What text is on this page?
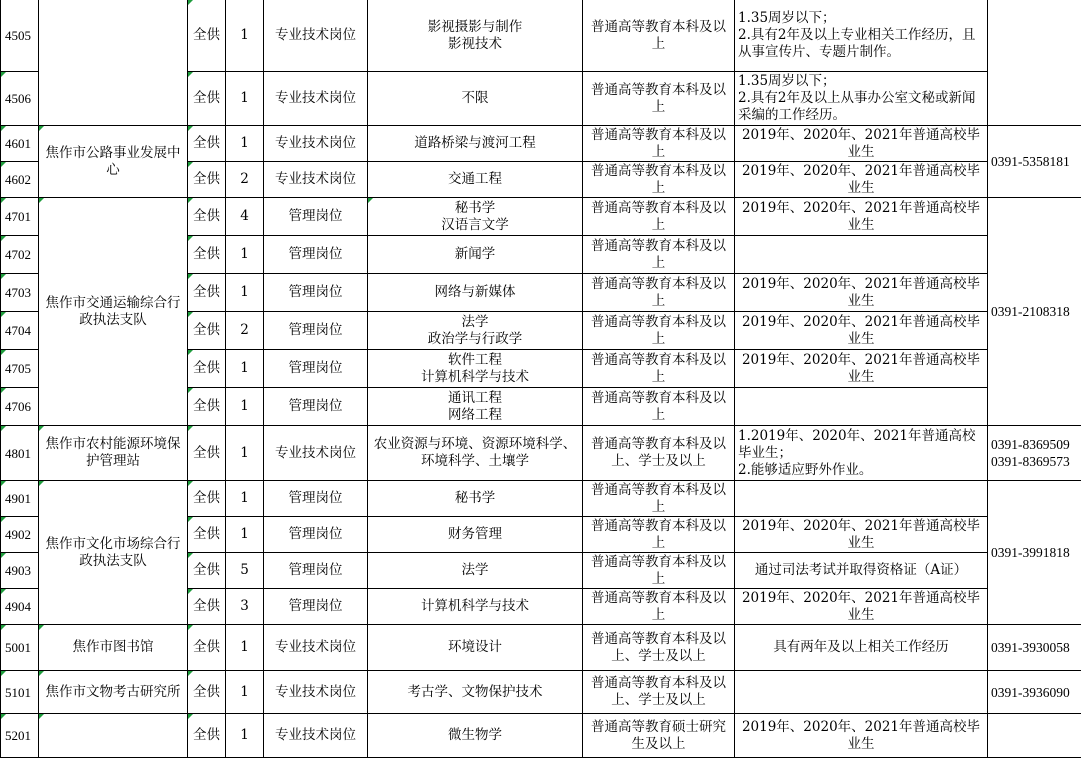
4505		全供	1	专业技术岗位	影视摄影与制作
影视技术	普通高等教育本科及以上	1.35周岁以下；
2.具有2年及以上专业相关工作经历，且从事宣传片、专题片制作。	

4506		全供	1	专业技术岗位	不限	普通高等教育本科及以上	1.35周岁以下；
2.具有2年及以上从事办公室文秘或新闻采编的工作经历。	

4601	焦作市公路事业发展中心	全供	1	专业技术岗位	道路桥梁与渡河工程	普通高等教育本科及以上	2019年、2020年、2021年普通高校毕业生	0391-5358181
4602		全供	2	专业技术岗位	交通工程	普通高等教育本科及以上	2019年、2020年、2021年普通高校毕业生	

4701	焦作市交通运输综合行政执法支队	全供	4	管理岗位	秘书学
汉语言文学	普通高等教育本科及以上	2019年、2020年、2021年普通高校毕业生	0391-2108318
4702		全供	1	管理岗位	新闻学	普通高等教育本科及以上		

4703		全供	1	管理岗位	网络与新媒体	普通高等教育本科及以上	2019年、2020年、2021年普通高校毕业生	

4704		全供	2	管理岗位	法学
政治学与行政学	普通高等教育本科及以上	2019年、2020年、2021年普通高校毕业生	

4705		全供	1	管理岗位	软件工程
计算机科学与技术	普通高等教育本科及以上	2019年、2020年、2021年普通高校毕业生	

4706		全供	1	管理岗位	通讯工程
网络工程	普通高等教育本科及以上		

4801	焦作市农村能源环境保护管理站	全供	1	专业技术岗位	农业资源与环境、资源环境科学、环境科学、土壤学	普通高等教育本科及以上、学士及以上	1.2019年、2020年、2021年普通高校毕业生；
2.能够适应野外作业。	0391-8369509
0391-8369573

4901	焦作市文化市场综合行政执法支队	全供	1	管理岗位	秘书学	普通高等教育本科及以上		0391-3991818
4902		全供	1	管理岗位	财务管理	普通高等教育本科及以上	2019年、2020年、2021年普通高校毕业生	

4903		全供	5	管理岗位	法学	普通高等教育本科及以上	通过司法考试并取得资格证（A证）	

4904		全供	3	管理岗位	计算机科学与技术	普通高等教育本科及以上	2019年、2020年、2021年普通高校毕业生	

5001	焦作市图书馆	全供	1	专业技术岗位	环境设计	普通高等教育本科及以上、学士及以上	具有两年及以上相关工作经历	0391-3930058
5101	焦作市文物考古研究所	全供	1	专业技术岗位	考古学、文物保护技术	普通高等教育本科及以上、学士及以上		0391-3936090
5201		全供	1	专业技术岗位	微生物学	普通高等教育硕士研究生及以上	2019年、2020年、2021年普通高校毕业生	
